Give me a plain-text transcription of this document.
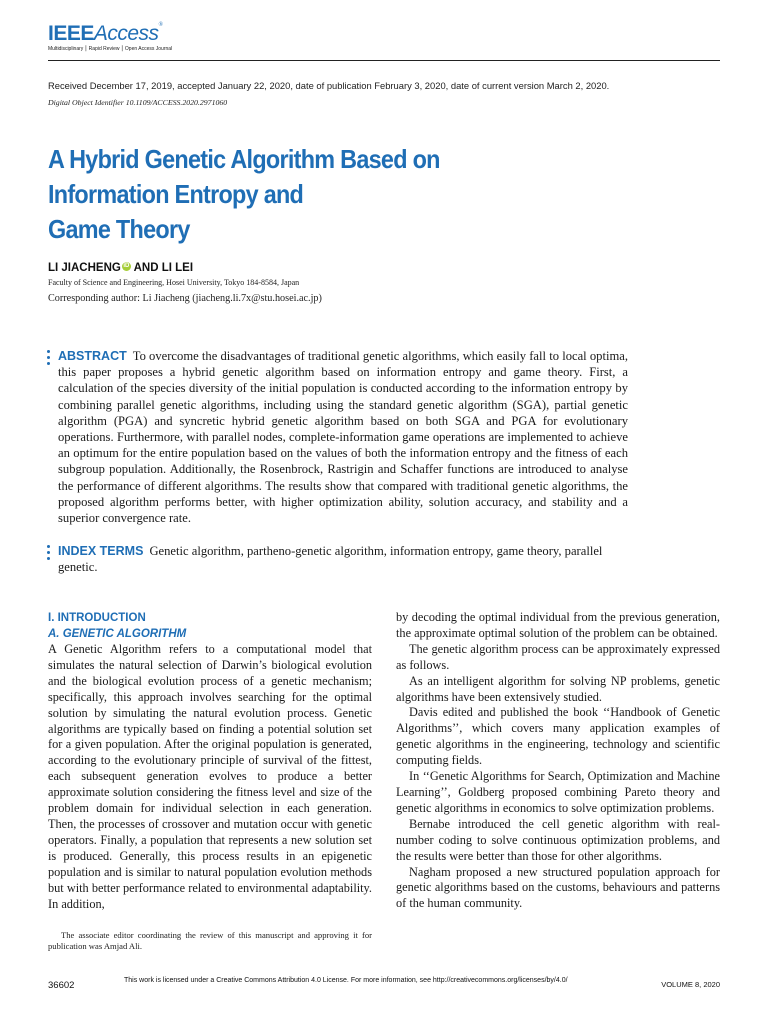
IEEEAccess®
Multidisciplinary ⎮ Rapid Review ⎮ Open Access Journal
Received December 17, 2019, accepted January 22, 2020, date of publication February 3, 2020, date of current version March 2, 2020.
Digital Object Identifier 10.1109/ACCESS.2020.2971060
A Hybrid Genetic Algorithm Based on
Information Entropy and
Game Theory
LI JIACHENG iD AND LI LEI
Faculty of Science and Engineering, Hosei University, Tokyo 184-8584, Japan
Corresponding author: Li Jiacheng (jiacheng.li.7x@stu.hosei.ac.jp)

ABSTRACT To overcome the disadvantages of traditional genetic algorithms, which easily fall to local optima, this paper proposes a hybrid genetic algorithm based on information entropy and game theory. First, a calculation of the species diversity of the initial population is conducted according to the information entropy by combining parallel genetic algorithms, including using the standard genetic algorithm (SGA), partial genetic algorithm (PGA) and syncretic hybrid genetic algorithm based on both SGA and PGA for evolutionary operations. Furthermore, with parallel nodes, complete-information game operations are implemented to achieve an optimum for the entire population based on the values of both the information entropy and the fitness of each subgroup population. Additionally, the Rosenbrock, Rastrigin and Schaffer functions are introduced to analyse the performance of different algorithms. The results show that compared with traditional genetic algorithms, the proposed algorithm performs better, with higher optimization ability, solution accuracy, and stability and a superior convergence rate.

INDEX TERMS Genetic algorithm, partheno-genetic algorithm, information entropy, game theory, parallel genetic.

I. INTRODUCTION
A. GENETIC ALGORITHM

A Genetic Algorithm refers to a computational model that simulates the natural selection of Darwin’s biological evolution and the biological evolution process of a genetic mechanism; specifically, this approach involves searching for the optimal solution by simulating the natural evolution process. Genetic algorithms are typically based on finding a potential solution set for a given population. After the original population is generated, according to the evolutionary principle of survival of the fittest, each subsequent generation evolves to produce a better approximate solution considering the fitness level and size of the problem domain for individual selection in each generation. Then, the processes of crossover and mutation occur with genetic operators. Finally, a population that represents a new solution set is produced. Generally, this process results in an epigenetic population and is similar to natural population evolution methods but with better performance related to environmental adaptability. In addition,

by decoding the optimal individual from the previous generation, the approximate optimal solution of the problem can be obtained.

The genetic algorithm process can be approximately expressed as follows.

As an intelligent algorithm for solving NP problems, genetic algorithms have been extensively studied.

Davis edited and published the book ‘‘Handbook of Genetic Algorithms’’, which covers many application examples of genetic algorithms in the engineering, technology and scientific computing fields.

In ‘‘Genetic Algorithms for Search, Optimization and Machine Learning’’, Goldberg proposed combining Pareto theory and genetic algorithms in economics to solve optimization problems.

Bernabe introduced the cell genetic algorithm with real-number coding to solve continuous optimization problems, and the results were better than those for other algorithms.

Nagham proposed a new structured population approach for genetic algorithms based on the customs, behaviours and patterns of the human community.

The associate editor coordinating the review of this manuscript and approving it for publication was Amjad Ali.
36602	This work is licensed under a Creative Commons Attribution 4.0 License. For more information, see http://creativecommons.org/licenses/by/4.0/	VOLUME 8, 2020
